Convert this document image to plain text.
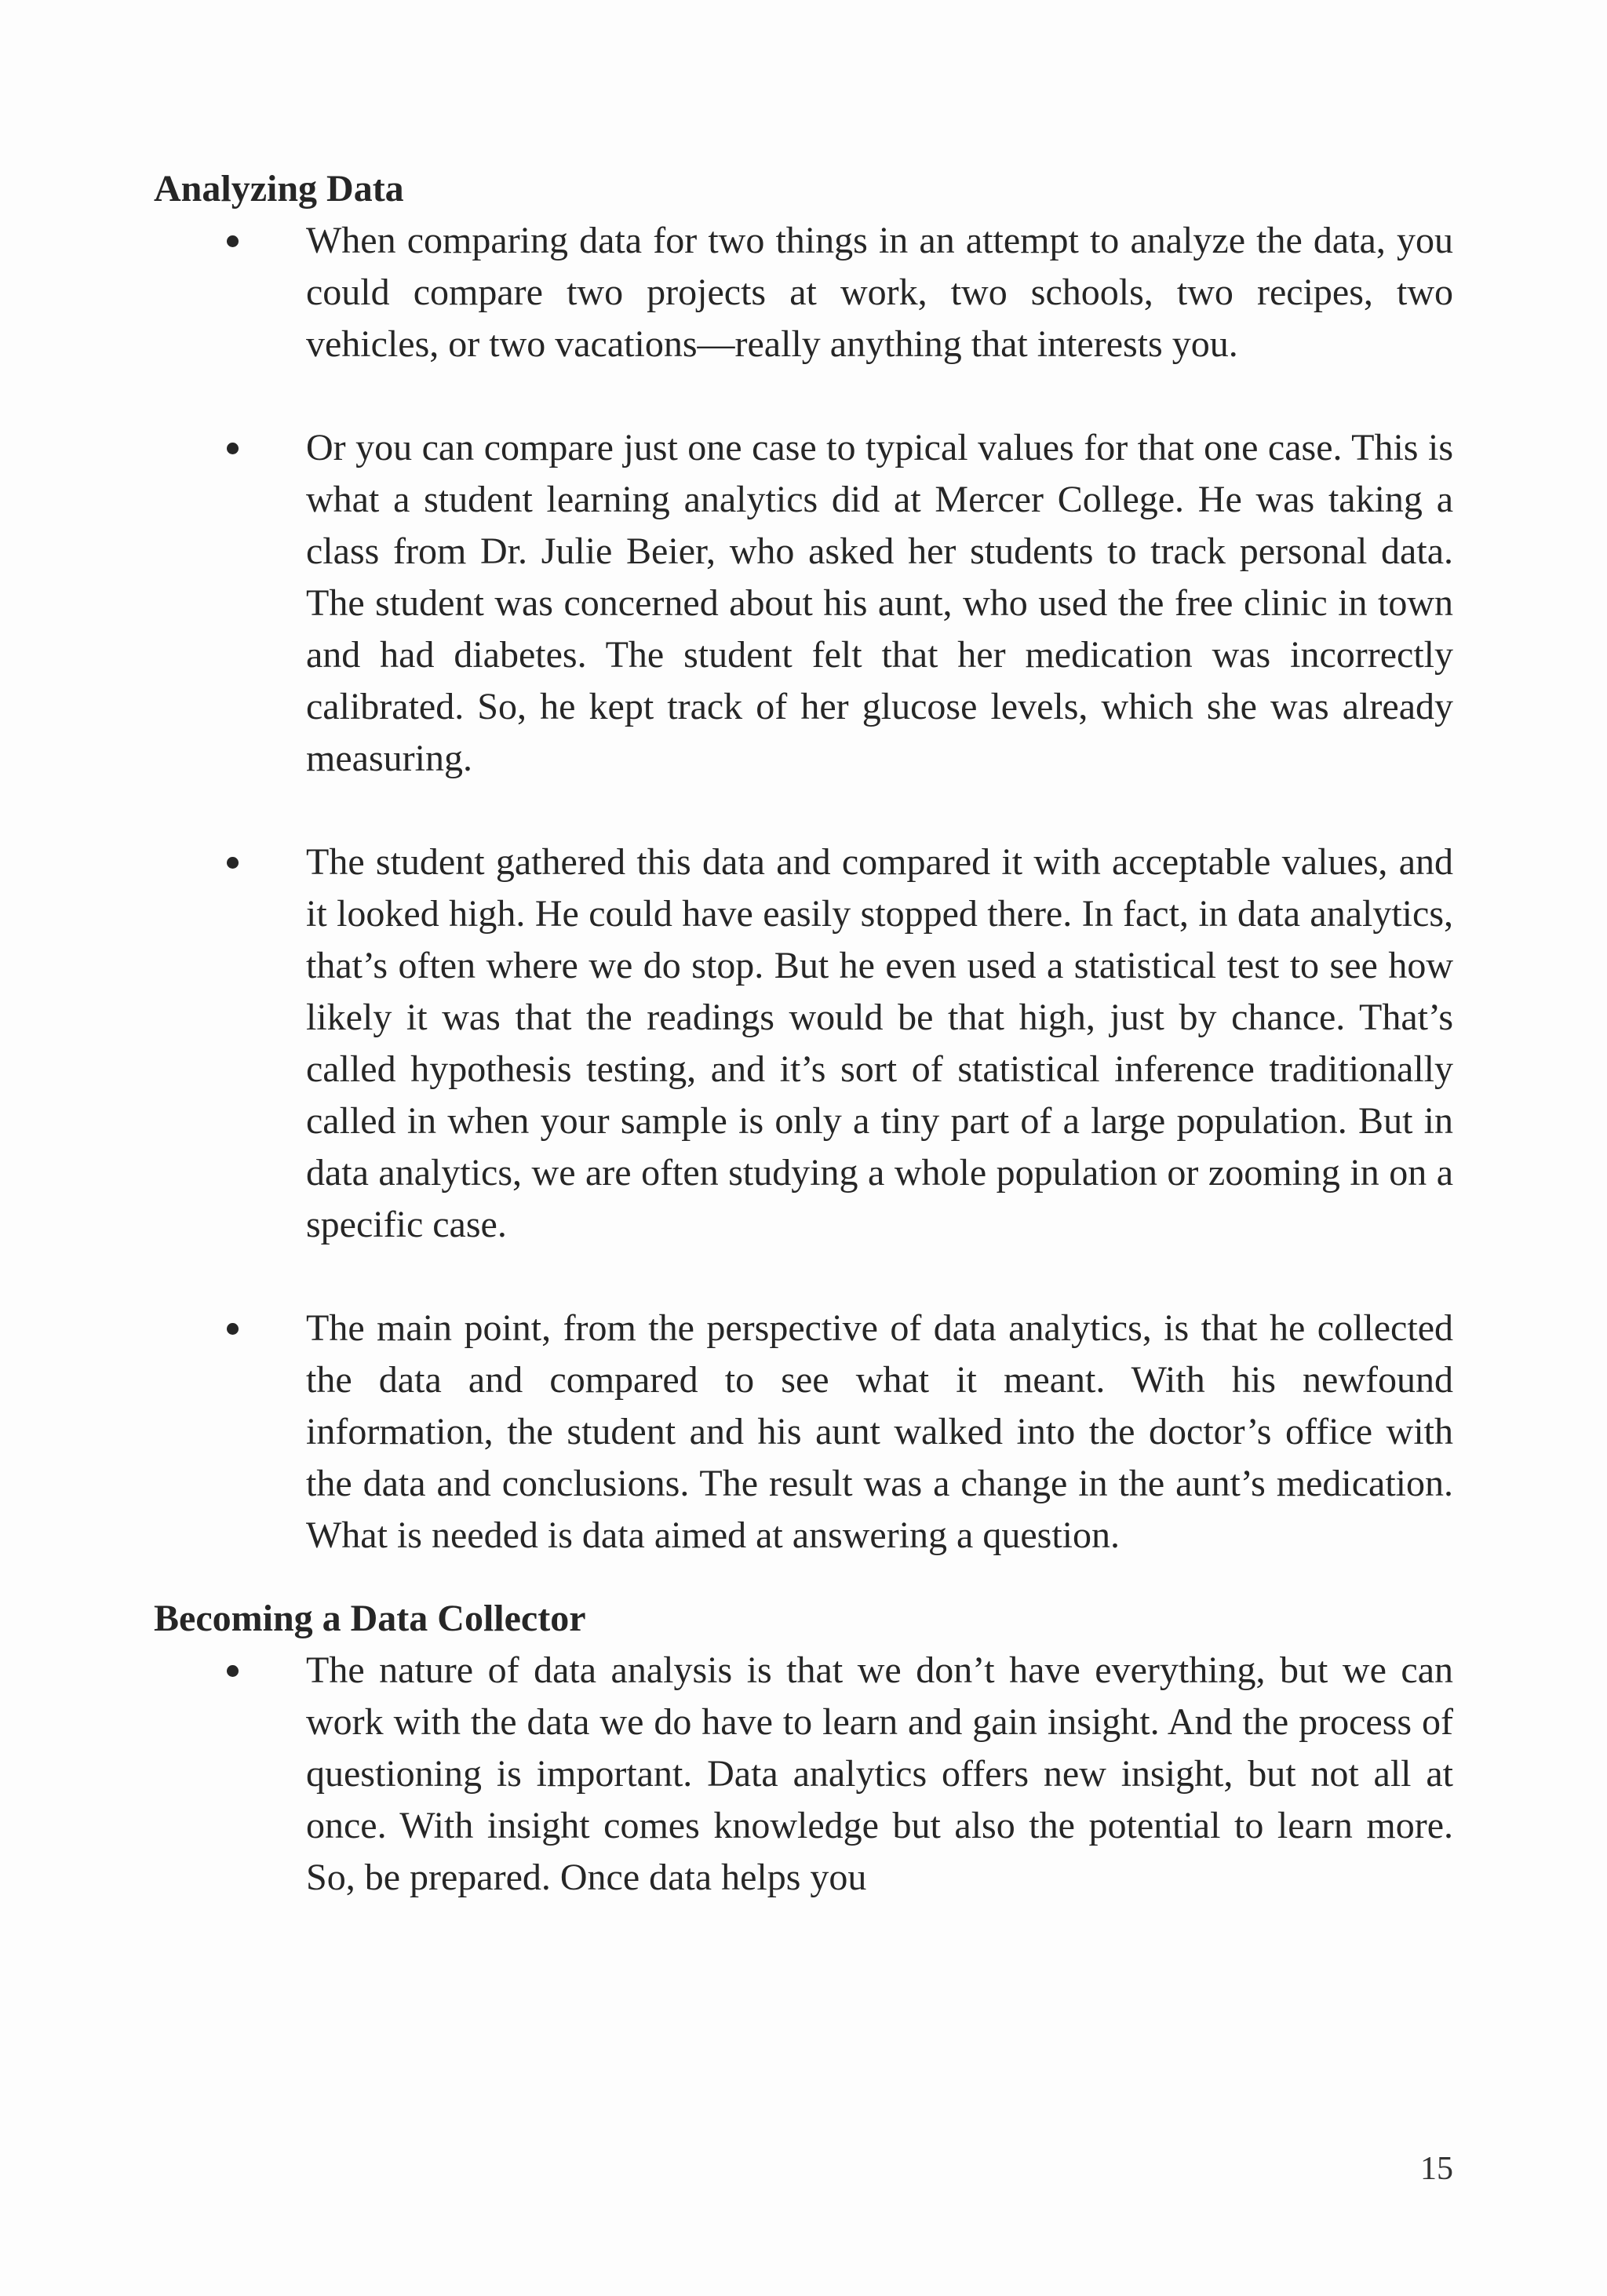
Analyzing Data

When comparing data for two things in an attempt to analyze the data, you could compare two projects at work, two schools, two recipes, two vehicles, or two vacations—really anything that interests you.

Or you can compare just one case to typical values for that one case. This is what a student learning analytics did at Mercer College. He was taking a class from Dr. Julie Beier, who asked her students to track personal data. The student was concerned about his aunt, who used the free clinic in town and had diabetes. The student felt that her medication was incorrectly calibrated. So, he kept track of her glucose levels, which she was already measuring.

The student gathered this data and compared it with acceptable values, and it looked high. He could have easily stopped there. In fact, in data analytics, that’s often where we do stop. But he even used a statistical test to see how likely it was that the readings would be that high, just by chance. That’s called hypothesis testing, and it’s sort of statistical inference traditionally called in when your sample is only a tiny part of a large population. But in data analytics, we are often studying a whole population or zooming in on a specific case.

The main point, from the perspective of data analytics, is that he collected the data and compared to see what it meant. With his newfound information, the student and his aunt walked into the doctor’s office with the data and conclusions. The result was a change in the aunt’s medication. What is needed is data aimed at answering a question.

Becoming a Data Collector

The nature of data analysis is that we don’t have everything, but we can work with the data we do have to learn and gain insight. And the process of questioning is important. Data analytics offers new insight, but not all at once. With insight comes knowledge but also the potential to learn more. So, be prepared. Once data helps you

15
